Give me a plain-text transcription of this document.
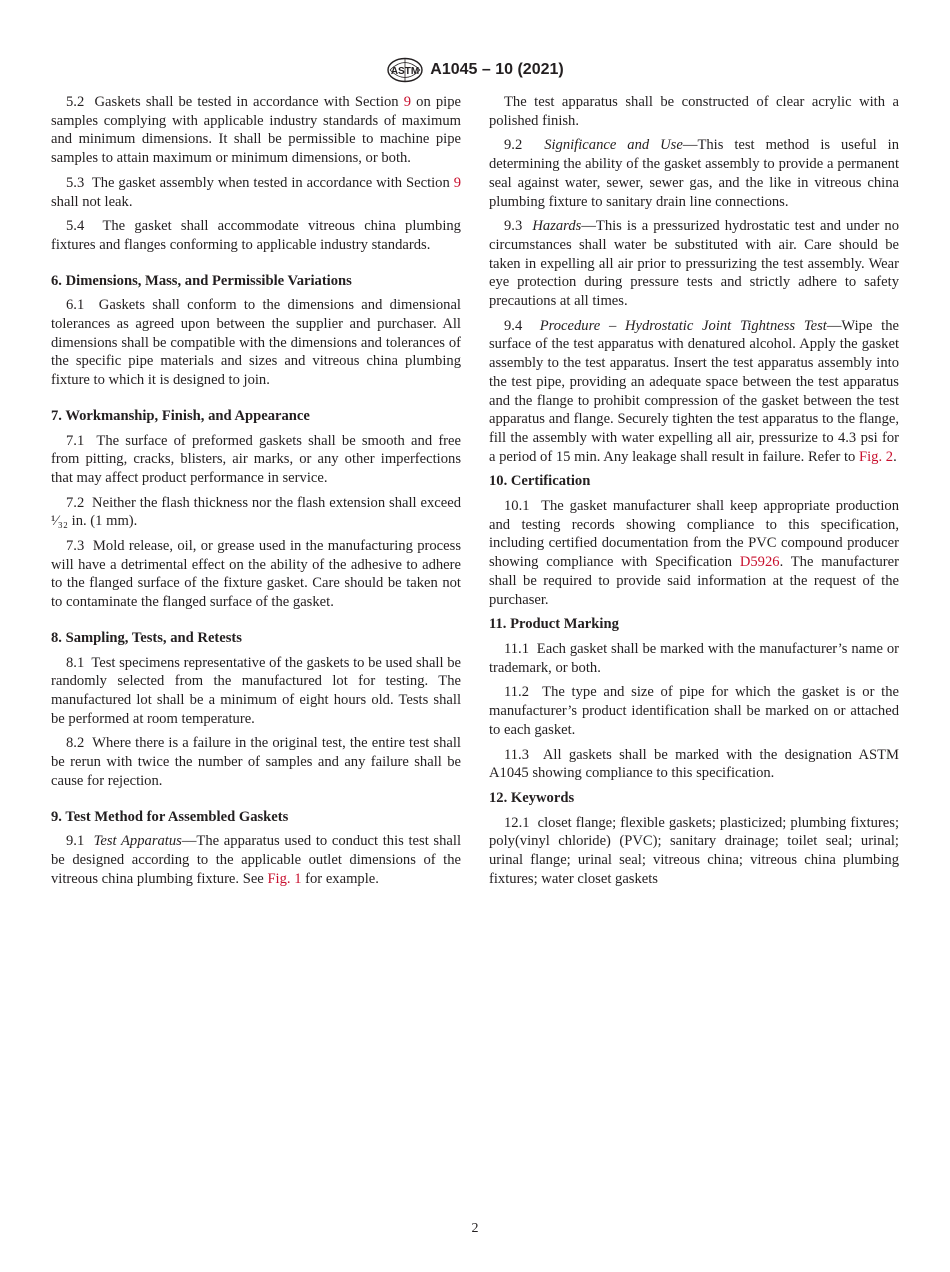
ASTM A1045 – 10 (2021)

5.2 Gaskets shall be tested in accordance with Section 9 on pipe samples complying with applicable industry standards of maximum and minimum dimensions. It shall be permissible to machine pipe samples to attain maximum or minimum dimensions, or both.

5.3 The gasket assembly when tested in accordance with Section 9 shall not leak.

5.4 The gasket shall accommodate vitreous china plumbing fixtures and flanges conforming to applicable industry standards.

6. Dimensions, Mass, and Permissible Variations

6.1 Gaskets shall conform to the dimensions and dimensional tolerances as agreed upon between the supplier and purchaser. All dimensions shall be compatible with the dimensions and tolerances of the specific pipe materials and sizes and vitreous china plumbing fixture to which it is designed to join.

7. Workmanship, Finish, and Appearance

7.1 The surface of preformed gaskets shall be smooth and free from pitting, cracks, blisters, air marks, or any other imperfections that may affect product performance in service.

7.2 Neither the flash thickness nor the flash extension shall exceed ¹⁄₃₂ in. (1 mm).

7.3 Mold release, oil, or grease used in the manufacturing process will have a detrimental effect on the ability of the adhesive to adhere to the flanged surface of the fixture gasket. Care should be taken not to contaminate the flanged surface of the gasket.

8. Sampling, Tests, and Retests

8.1 Test specimens representative of the gaskets to be used shall be randomly selected from the manufactured lot for testing. The manufactured lot shall be a minimum of eight hours old. Tests shall be performed at room temperature.

8.2 Where there is a failure in the original test, the entire test shall be rerun with twice the number of samples and any failure shall be cause for rejection.

9. Test Method for Assembled Gaskets

9.1 Test Apparatus—The apparatus used to conduct this test shall be designed according to the applicable outlet dimensions of the vitreous china plumbing fixture. See Fig. 1 for example.

The test apparatus shall be constructed of clear acrylic with a polished finish.

9.2 Significance and Use—This test method is useful in determining the ability of the gasket assembly to provide a permanent seal against water, sewer, sewer gas, and the like in vitreous china plumbing fixture to sanitary drain line connections.

9.3 Hazards—This is a pressurized hydrostatic test and under no circumstances shall water be substituted with air. Care should be taken in expelling all air prior to pressurizing the test assembly. Wear eye protection during pressure tests and strictly adhere to safety precautions at all times.

9.4 Procedure – Hydrostatic Joint Tightness Test—Wipe the surface of the test apparatus with denatured alcohol. Apply the gasket assembly to the test apparatus. Insert the test apparatus assembly into the test pipe, providing an adequate space between the test apparatus and the flange to prohibit compression of the gasket between the test apparatus and flange. Securely tighten the test apparatus to the flange, fill the assembly with water expelling all air, pressurize to 4.3 psi for a period of 15 min. Any leakage shall result in failure. Refer to Fig. 2.

10. Certification

10.1 The gasket manufacturer shall keep appropriate production and testing records showing compliance to this specification, including certified documentation from the PVC compound producer showing compliance with Specification D5926. The manufacturer shall be required to provide said information at the request of the purchaser.

11. Product Marking

11.1 Each gasket shall be marked with the manufacturer’s name or trademark, or both.

11.2 The type and size of pipe for which the gasket is or the manufacturer’s product identification shall be marked on or attached to each gasket.

11.3 All gaskets shall be marked with the designation ASTM A1045 showing compliance to this specification.

12. Keywords

12.1 closet flange; flexible gaskets; plasticized; plumbing fixtures; poly(vinyl chloride) (PVC); sanitary drainage; toilet seal; urinal; urinal flange; urinal seal; vitreous china; vitreous china plumbing fixtures; water closet gaskets

2
